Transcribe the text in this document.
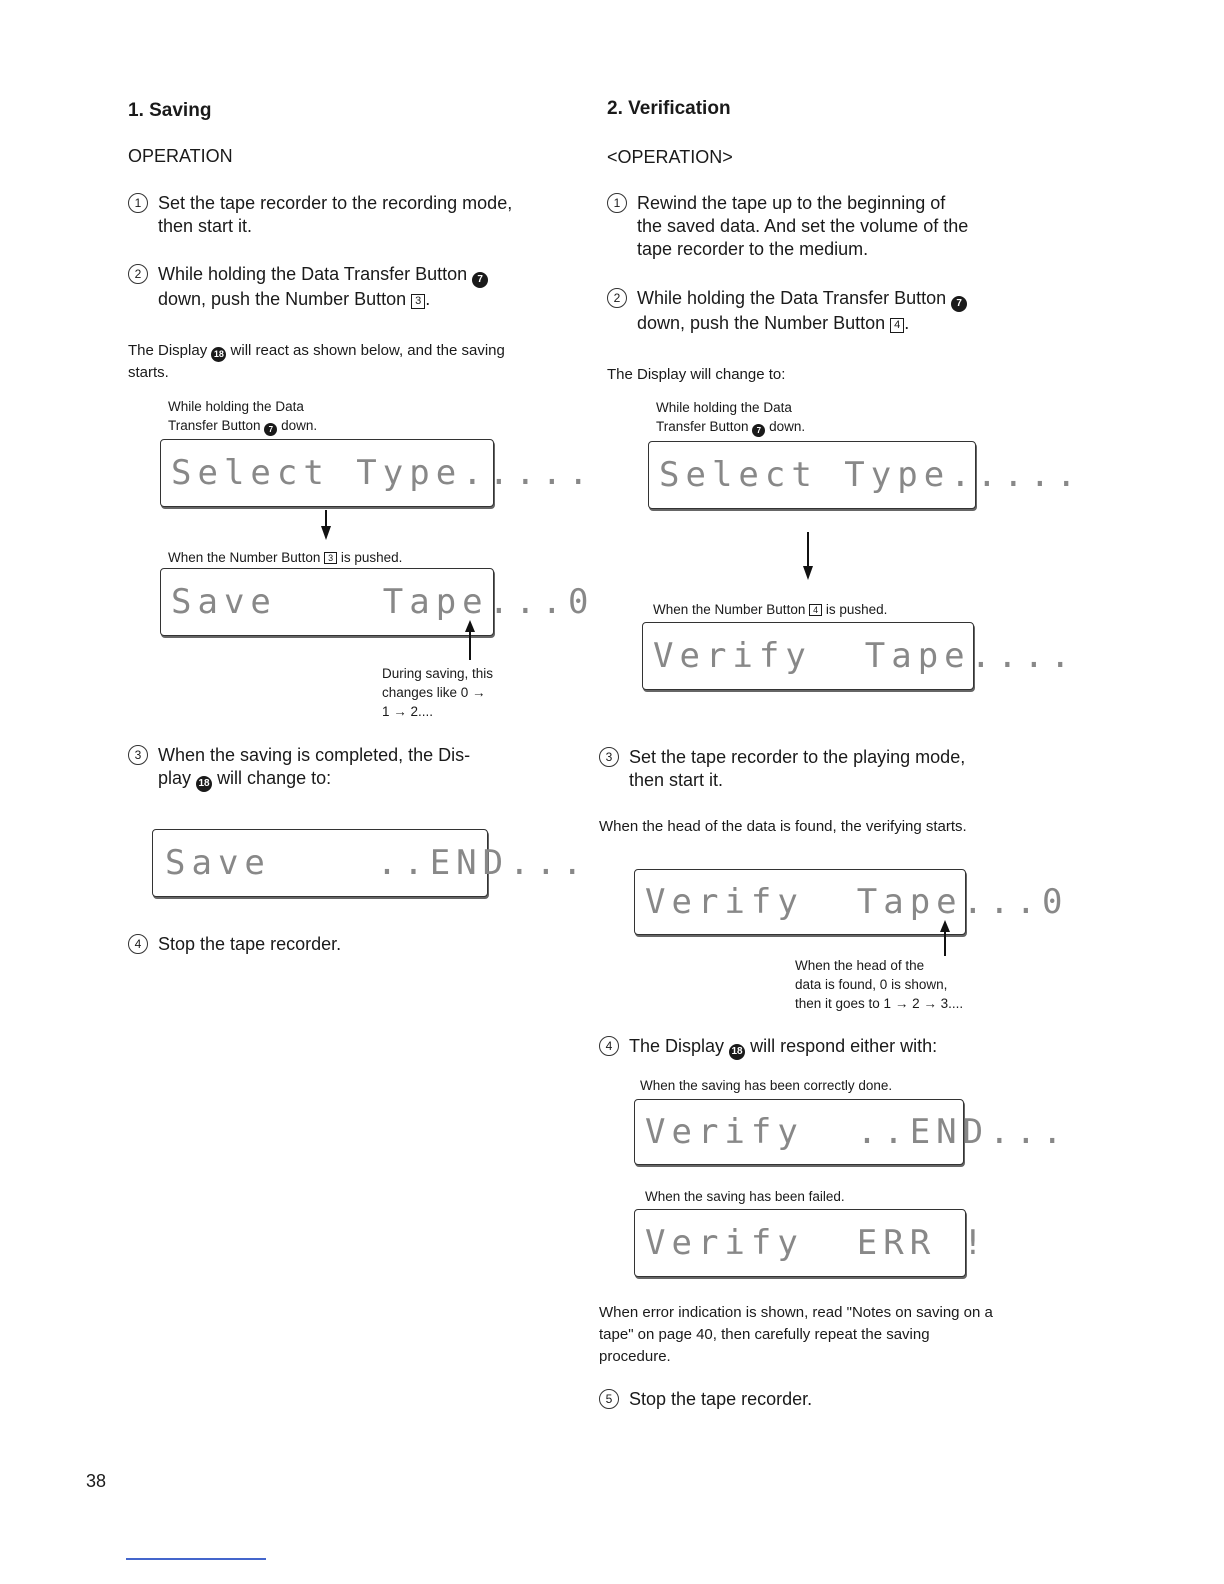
1. Saving
OPERATION
1 Set the tape recorder to the recording mode, then start it.
2 While holding the Data Transfer Button 7
down, push the Number Button 3 .
The Display 18 will react as shown below, and the saving starts.
While holding the Data
Transfer Button 7 down.
Select Type.....
When the Number Button 3 is pushed.
Save    Tape...0
During saving, this
changes like 0 →
1 → 2....
3 When the saving is completed, the Dis-
play 18 will change to:
Save    ..END...
4 Stop the tape recorder.
38
2. Verification
<OPERATION>
1 Rewind the tape up to the beginning of
the saved data. And set the volume of the
tape recorder to the medium.
2 While holding the Data Transfer Button 7
down, push the Number Button 4 .
The Display will change to:
While holding the Data
Transfer Button 7 down.
Select Type.....
When the Number Button 4 is pushed.
Verify  Tape....
3 Set the tape recorder to the playing mode,
then start it.
When the head of the data is found, the verifying starts.
Verify  Tape...0
When the head of the
data is found, 0 is shown,
then it goes to 1 → 2 → 3....
4 The Display 18 will respond either with:
When the saving has been correctly done.
Verify  ..END...
When the saving has been failed.
Verify  ERR !
When error indication is shown, read "Notes on saving on a tape" on page 40, then carefully repeat the saving procedure.
5 Stop the tape recorder.
